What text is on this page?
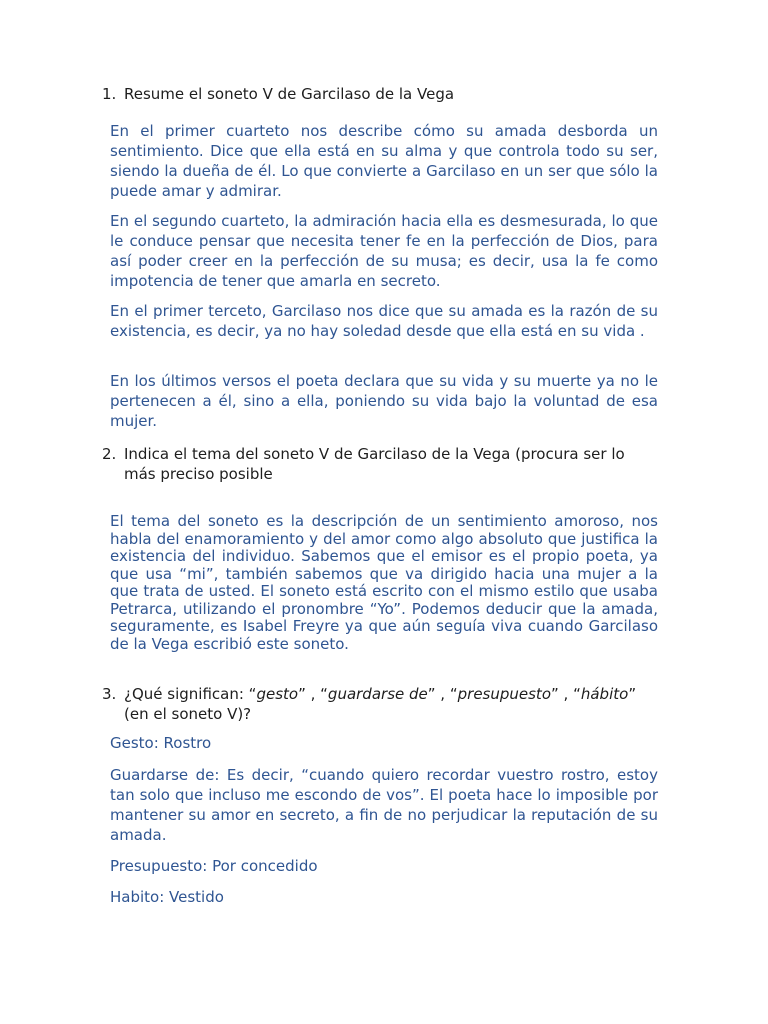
1. Resume el soneto V de Garcilaso de la Vega

En el primer cuarteto nos describe cómo su amada desborda un sentimiento. Dice que ella está en su alma y que controla todo su ser, siendo la dueña de él. Lo que convierte a Garcilaso en un ser que sólo la puede amar y admirar.

En el segundo cuarteto, la admiración hacia ella es desmesurada, lo que le conduce pensar que necesita tener fe en la perfección de Dios, para así poder creer en la perfección de su musa; es decir, usa la fe como impotencia de tener que amarla en secreto.

En el primer terceto, Garcilaso nos dice que su amada es la razón de su existencia, es decir, ya no hay soledad desde que ella está en su vida .

En los últimos versos el poeta declara que su vida y su muerte ya no le pertenecen a él, sino a ella, poniendo su vida bajo la voluntad de esa mujer.

2. Indica el tema del soneto V de Garcilaso de la Vega (procura ser lo
más preciso posible

El tema del soneto es la descripción de un sentimiento amoroso, nos habla del enamoramiento y del amor como algo absoluto que justifica la existencia del individuo. Sabemos que el emisor es el propio poeta, ya que usa “mi”, también sabemos que va dirigido hacia una mujer a la que trata de usted. El soneto está escrito con el mismo estilo que usaba Petrarca, utilizando el pronombre “Yo”. Podemos deducir que la amada, seguramente, es Isabel Freyre ya que aún seguía viva cuando Garcilaso de la Vega escribió este soneto.

3. ¿Qué significan: “gesto” , “guardarse de” , “presupuesto” , “hábito”
(en el soneto V)?

Gesto: Rostro

Guardarse de: Es decir, “cuando quiero recordar vuestro rostro, estoy tan solo que incluso me escondo de vos”. El poeta hace lo imposible por mantener su amor en secreto, a fin de no perjudicar la reputación de su amada.

Presupuesto: Por concedido

Habito: Vestido
